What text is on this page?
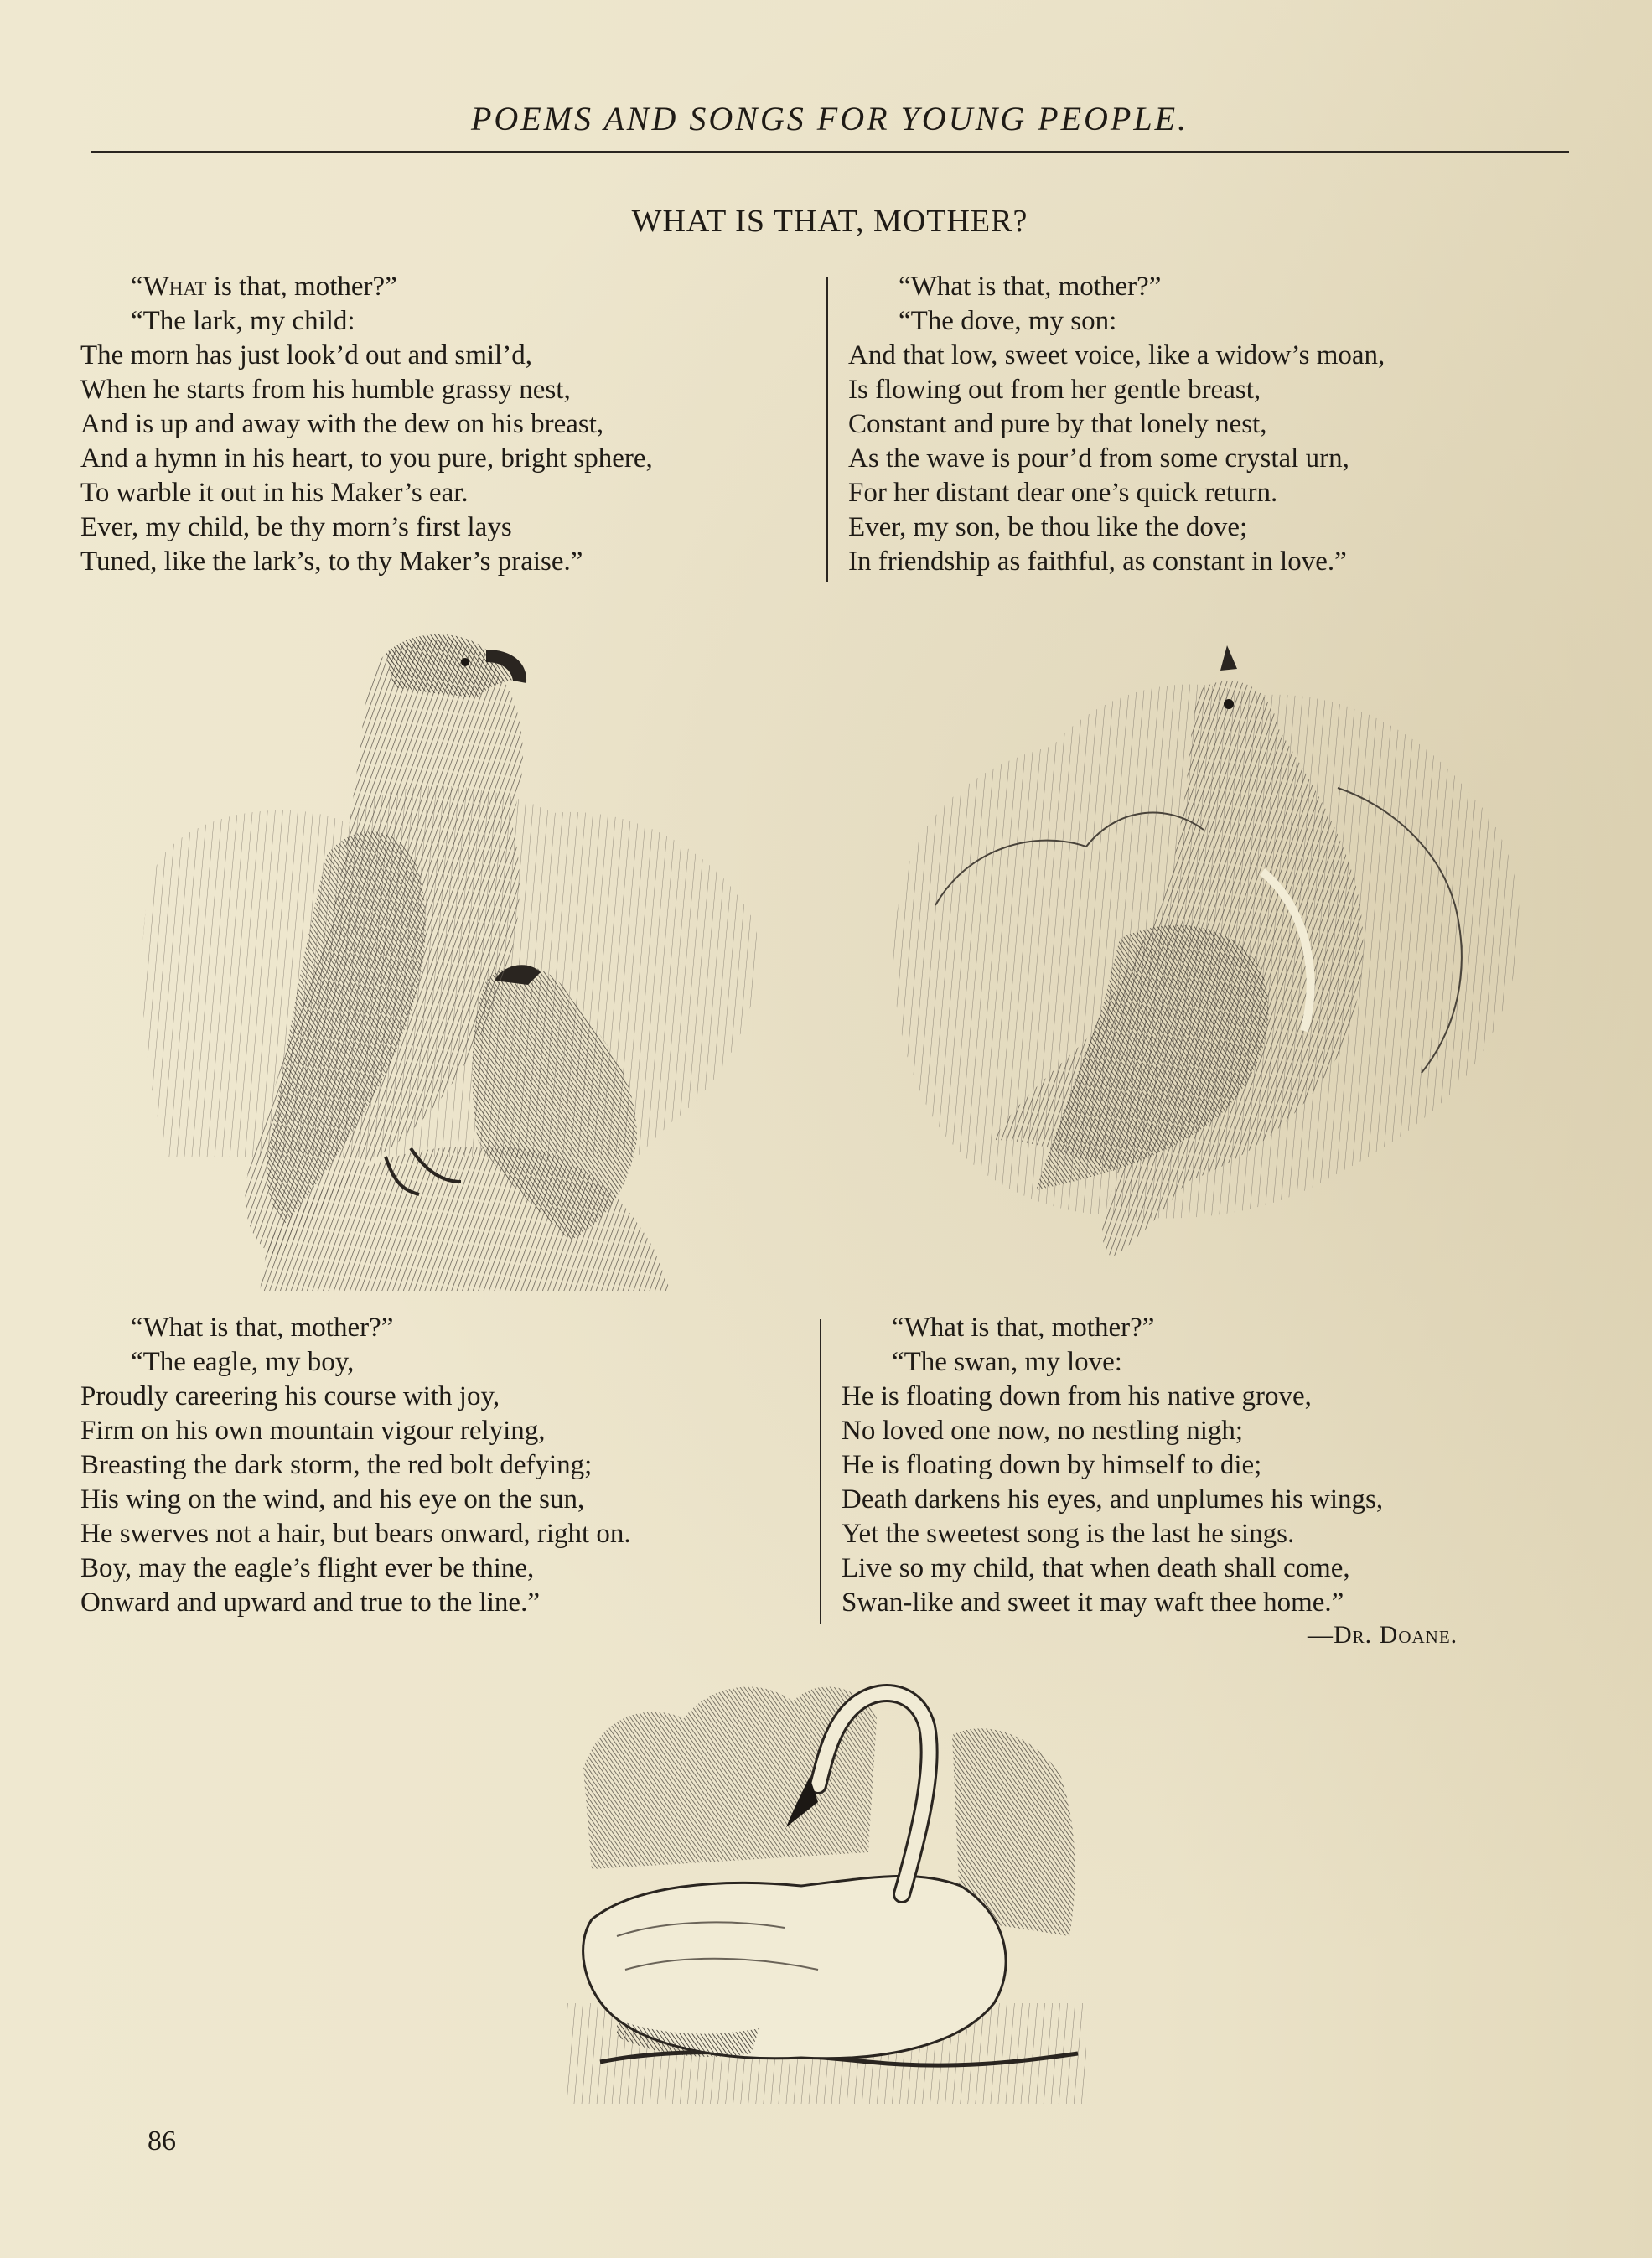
POEMS AND SONGS FOR YOUNG PEOPLE.
WHAT IS THAT, MOTHER?
“What is that, mother?”
“The lark, my child:
The morn has just look’d out and smil’d,
When he starts from his humble grassy nest,
And is up and away with the dew on his breast,
And a hymn in his heart, to you pure, bright sphere,
To warble it out in his Maker’s ear.
Ever, my child, be thy morn’s first lays
Tuned, like the lark’s, to thy Maker’s praise.”
“What is that, mother?”
“The dove, my son:
And that low, sweet voice, like a widow’s moan,
Is flowing out from her gentle breast,
Constant and pure by that lonely nest,
As the wave is pour’d from some crystal urn,
For her distant dear one’s quick return.
Ever, my son, be thou like the dove;
In friendship as faithful, as constant in love.”
“What is that, mother?”
“The eagle, my boy,
Proudly careering his course with joy,
Firm on his own mountain vigour relying,
Breasting the dark storm, the red bolt defying;
His wing on the wind, and his eye on the sun,
He swerves not a hair, but bears onward, right on.
Boy, may the eagle’s flight ever be thine,
Onward and upward and true to the line.”
“What is that, mother?”
“The swan, my love:
He is floating down from his native grove,
No loved one now, no nestling nigh;
He is floating down by himself to die;
Death darkens his eyes, and unplumes his wings,
Yet the sweetest song is the last he sings.
Live so my child, that when death shall come,
Swan-like and sweet it may waft thee home.”
—Dr. Doane.
86
